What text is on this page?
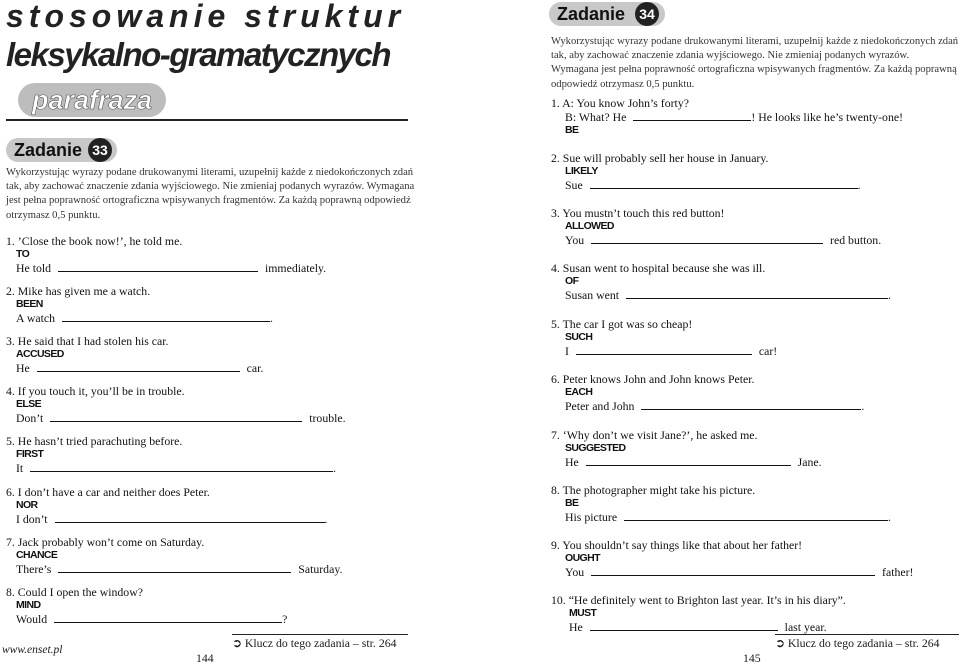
stosowanie struktur
leksykalno-gramatycznych
parafraza
Zadanie 33
Wykorzystując wyrazy podane drukowanymi literami, uzupełnij każde z niedokończonych zdań tak, aby zachować znaczenie zdania wyjściowego. Nie zmieniaj podanych wyrazów. Wymagana jest pełna poprawność ortograficzna wpisywanych fragmentów. Za każdą poprawną odpowiedź otrzymasz 0,5 punktu.
1. ’Close the book now!’, he told me.
TO
He told	immediately.
2. Mike has given me a watch.
BEEN
A watch	.
3. He said that I had stolen his car.
ACCUSED
He	car.
4. If you touch it, you’ll be in trouble.
ELSE
Don’t	trouble.
5. He hasn’t tried parachuting before.
FIRST
It	.
6. I don’t have a car and neither does Peter.
NOR
I don’t	.
7. Jack probably won’t come on Saturday.
CHANCE
There’s	Saturday.
8. Could I open the window?
MIND
Would	?
➲ Klucz do tego zadania – str. 264
www.enset.pl
144
Zadanie	34
Wykorzystując wyrazy podane drukowanymi literami, uzupełnij każde z niedokończonych zdań tak, aby zachować znaczenie zdania wyjściowego. Nie zmieniaj podanych wyrazów. Wymagana jest pełna poprawność ortograficzna wpisywanych fragmentów. Za każdą poprawną odpowiedź otrzymasz 0,5 punktu.
1. A: You know John’s forty?
B: What? He	! He looks like he’s twenty-one!
BE
2. Sue will probably sell her house in January.
LIKELY
Sue	.
3. You mustn’t touch this red button!
ALLOWED
You	red button.
4. Susan went to hospital because she was ill.
OF
Susan went	.
5. The car I got was so cheap!
SUCH
I	car!
6. Peter knows John and John knows Peter.
EACH
Peter and John	.
7. ‘Why don’t we visit Jane?’, he asked me.
SUGGESTED
He	Jane.
8. The photographer might take his picture.
BE
His picture	.
9. You shouldn’t say things like that about her father!
OUGHT
You	father!
10. “He definitely went to Brighton last year. It’s in his diary”.
MUST
He	last year.
➲ Klucz do tego zadania – str. 264
145
